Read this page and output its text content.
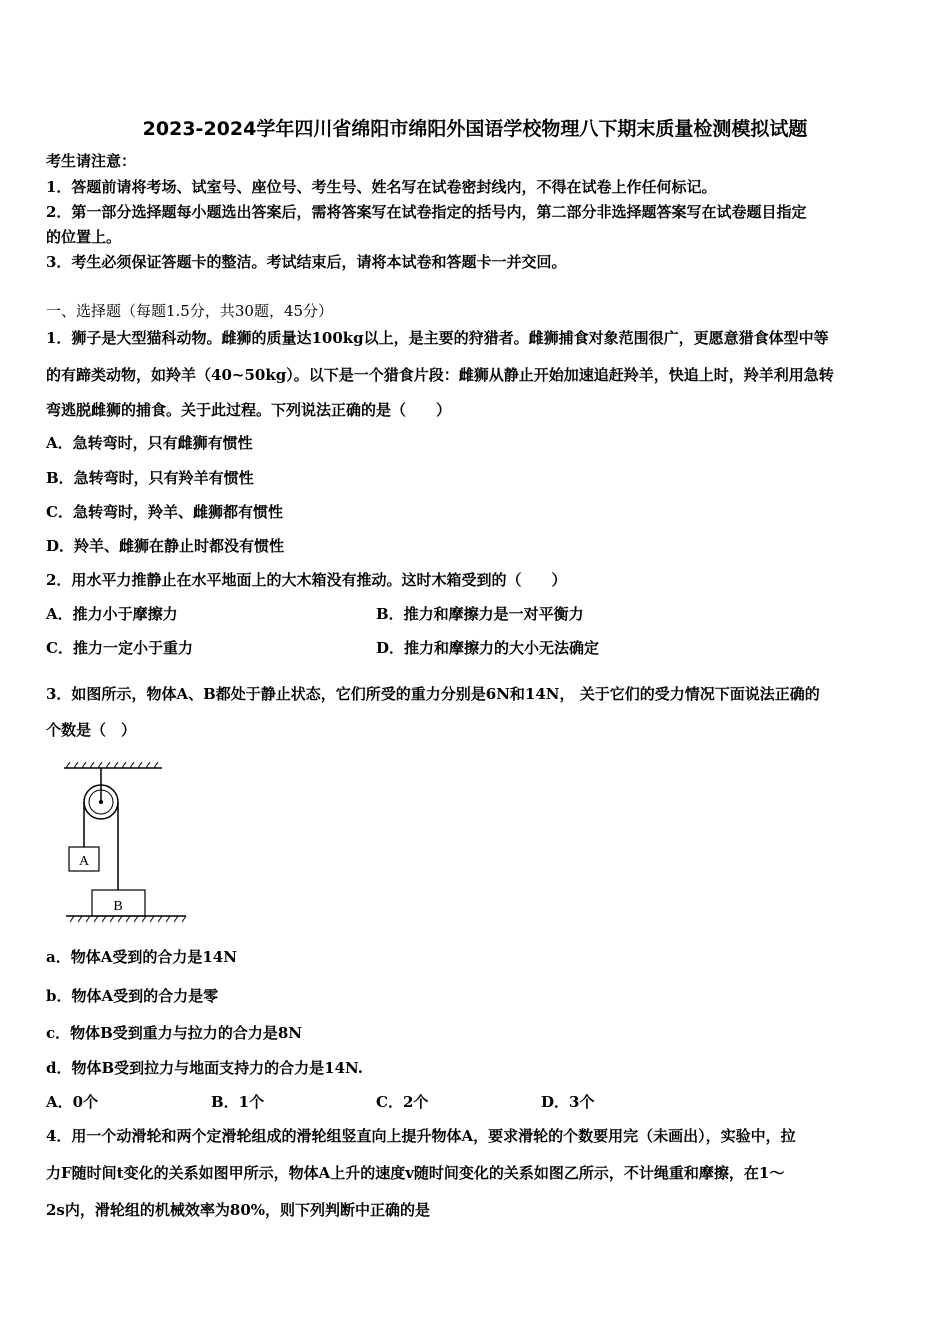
2023-2024学年四川省绵阳市绵阳外国语学校物理八下期末质量检测模拟试题
考生请注意：
1．答题前请将考场、试室号、座位号、考生号、姓名写在试卷密封线内，不得在试卷上作任何标记。
2．第一部分选择题每小题选出答案后，需将答案写在试卷指定的括号内，第二部分非选择题答案写在试卷题目指定
的位置上。
3．考生必须保证答题卡的整洁。考试结束后，请将本试卷和答题卡一并交回。
一、选择题（每题1.5分，共30题，45分）
1．狮子是大型猫科动物。雌狮的质量达100kg以上，是主要的狩猎者。雌狮捕食对象范围很广，更愿意猎食体型中等
的有蹄类动物，如羚羊（40~50kg）。以下是一个猎食片段：雌狮从静止开始加速追赶羚羊，快追上时，羚羊利用急转
弯逃脱雌狮的捕食。关于此过程。下列说法正确的是（　　）
A．急转弯时，只有雌狮有惯性
B．急转弯时，只有羚羊有惯性
C．急转弯时，羚羊、雌狮都有惯性
D．羚羊、雌狮在静止时都没有惯性
2．用水平力推静止在水平地面上的大木箱没有推动。这时木箱受到的（　　）
A．推力小于摩擦力	B．推力和摩擦力是一对平衡力
C．推力一定小于重力	D．推力和摩擦力的大小无法确定
3．如图所示，物体A、B都处于静止状态，它们所受的重力分别是6N和14N， 关于它们的受力情况下面说法正确的
个数是（　）
A
B
a．物体A受到的合力是14N
b．物体A受到的合力是零
c．物体B受到重力与拉力的合力是8N
d．物体B受到拉力与地面支持力的合力是14N.
A．0个	B．1个	C．2个	D．3个
4．用一个动滑轮和两个定滑轮组成的滑轮组竖直向上提升物体A，要求滑轮的个数要用完（未画出），实验中，拉
力F随时间t变化的关系如图甲所示，物体A上升的速度v随时间变化的关系如图乙所示，不计绳重和摩擦，在1～
2s内，滑轮组的机械效率为80%，则下列判断中正确的是
